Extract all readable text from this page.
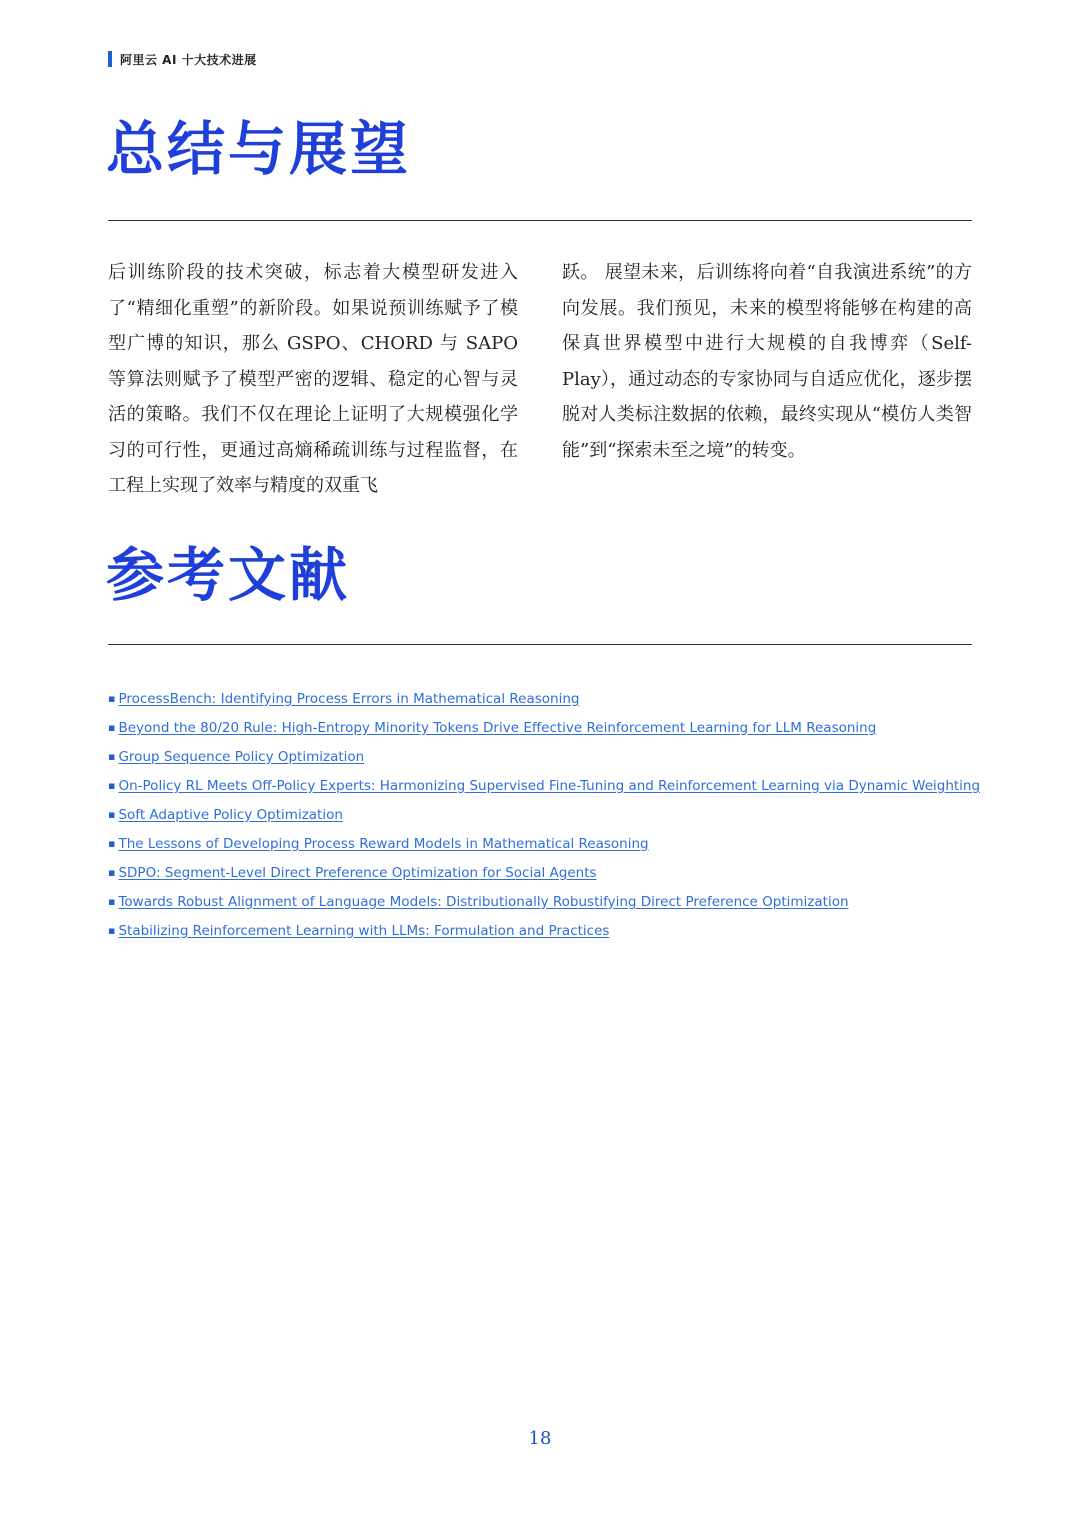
阿里云 AI 十大技术进展
总结与展望

后训练阶段的技术突破，标志着大模型研发进入了“精细化重塑”的新阶段。如果说预训练赋予了模型广博的知识，那么 GSPO、CHORD 与 SAPO 等算法则赋予了模型严密的逻辑、稳定的心智与灵活的策略。我们不仅在理论上证明了大规模强化学习的可行性，更通过高熵稀疏训练与过程监督，在工程上实现了效率与精度的双重飞

跃。 展望未来，后训练将向着“自我演进系统”的方向发展。我们预见，未来的模型将能够在构建的高保真世界模型中进行大规模的自我博弈（Self-Play），通过动态的专家协同与自适应优化，逐步摆脱对人类标注数据的依赖，最终实现从“模仿人类智能”到“探索未至之境”的转变。

参考文献
▪ ProcessBench: Identifying Process Errors in Mathematical Reasoning
▪ Beyond the 80/20 Rule: High-Entropy Minority Tokens Drive Effective Reinforcement Learning for LLM Reasoning
▪ Group Sequence Policy Optimization
▪ On-Policy RL Meets Off-Policy Experts: Harmonizing Supervised Fine-Tuning and Reinforcement Learning via Dynamic Weighting
▪ Soft Adaptive Policy Optimization
▪ The Lessons of Developing Process Reward Models in Mathematical Reasoning
▪ SDPO: Segment-Level Direct Preference Optimization for Social Agents
▪ Towards Robust Alignment of Language Models: Distributionally Robustifying Direct Preference Optimization
▪ Stabilizing Reinforcement Learning with LLMs: Formulation and Practices
18
